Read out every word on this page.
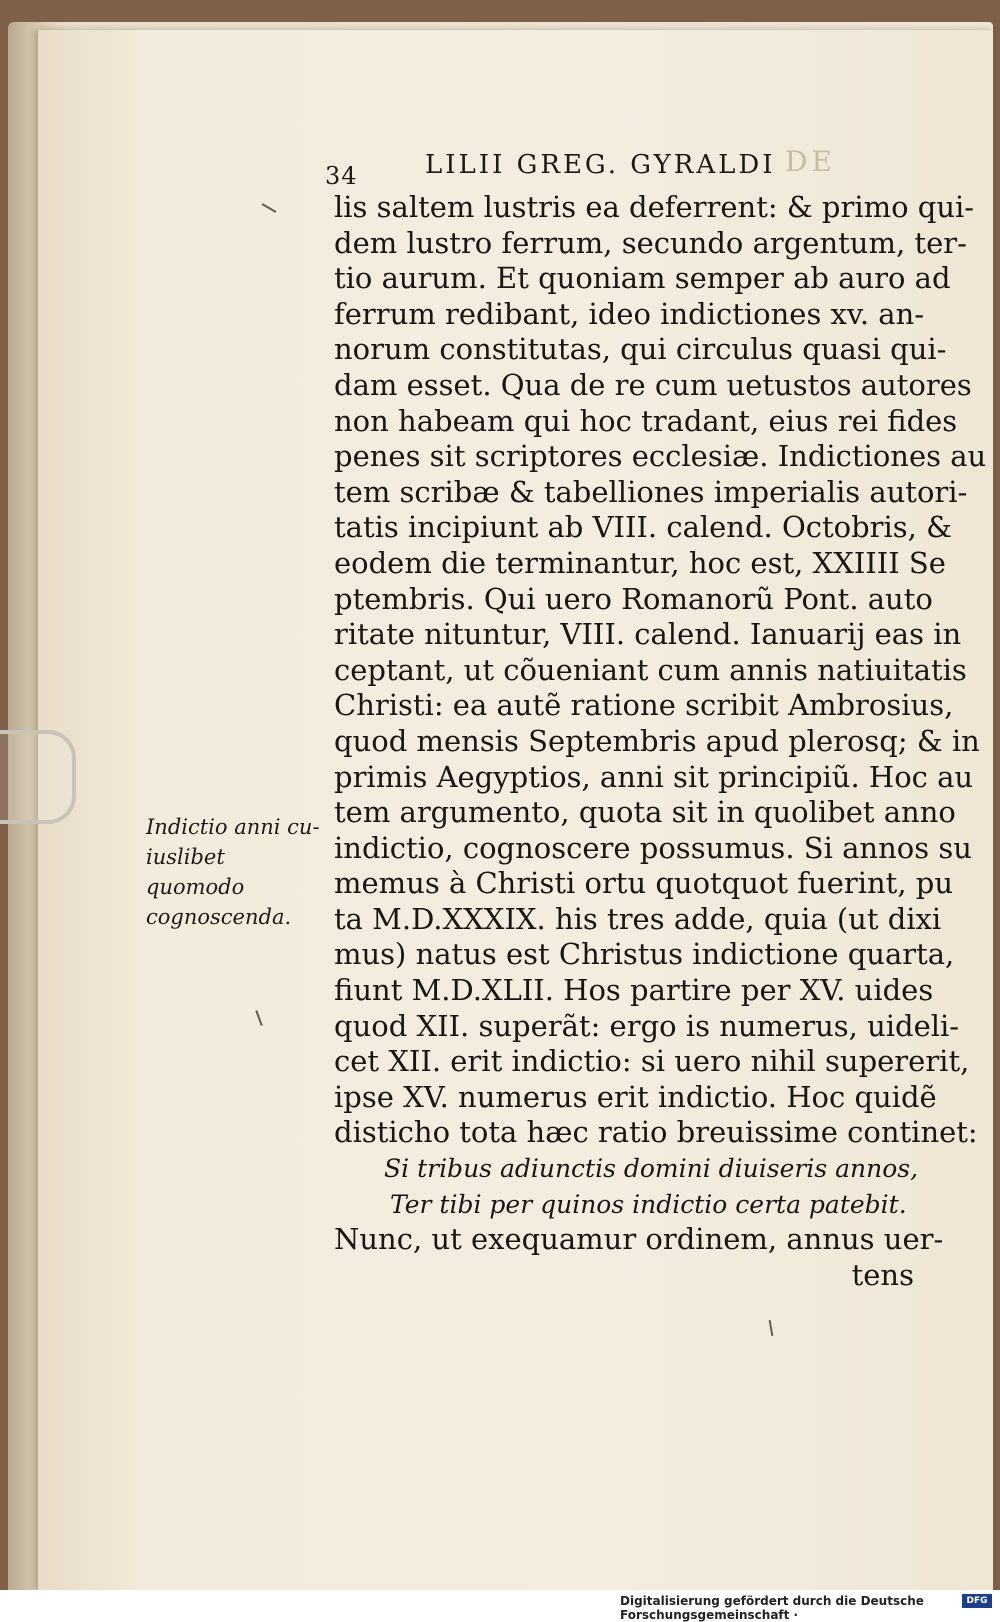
DE
34	LILII GREG. GYRALDI
Indictio anni cu-
iuslibet quomodo
cognoscenda.
lis saltem lustris ea deferrent: & primo qui-
dem lustro ferrum, secundo argentum, ter-
tio aurum. Et quoniam semper ab auro ad
ferrum redibant, ideo indictiones xv. an-
norum constitutas, qui circulus quasi qui-
dam esset. Qua de re cum uetustos autores
non habeam qui hoc tradant, eius rei fides
penes sit scriptores ecclesiæ. Indictiones au
tem scribæ & tabelliones imperialis autori-
tatis incipiunt ab VIII. calend. Octobris, &
eodem die terminantur, hoc est, XXIIII Se
ptembris. Qui uero Romanorũ Pont. auto
ritate nituntur, VIII. calend. Ianuarij eas in
ceptant, ut cõueniant cum annis natiuitatis
Christi: ea autẽ ratione scribit Ambrosius,
quod mensis Septembris apud plerosq; & in
primis Aegyptios, anni sit principiũ. Hoc au
tem argumento, quota sit in quolibet anno
indictio, cognoscere possumus. Si annos su
memus à Christi ortu quotquot fuerint, pu
ta M.D.XXXIX. his tres adde, quia (ut dixi
mus) natus est Christus indictione quarta,
fiunt M.D.XLII. Hos partire per XV. uides
quod XII. superãt: ergo is numerus, uideli-
cet XII. erit indictio: si uero nihil supererit,
ipse XV. numerus erit indictio. Hoc quidẽ
disticho tota hæc ratio breuissime continet:
Si tribus adiunctis domini diuiseris annos,
Ter tibi per quinos indictio certa patebit.
Nunc, ut exequamur ordinem, annus uer-
tens
Digitalisierung gefördert durch die Deutsche Forschungsgemeinschaft ·
DFG
